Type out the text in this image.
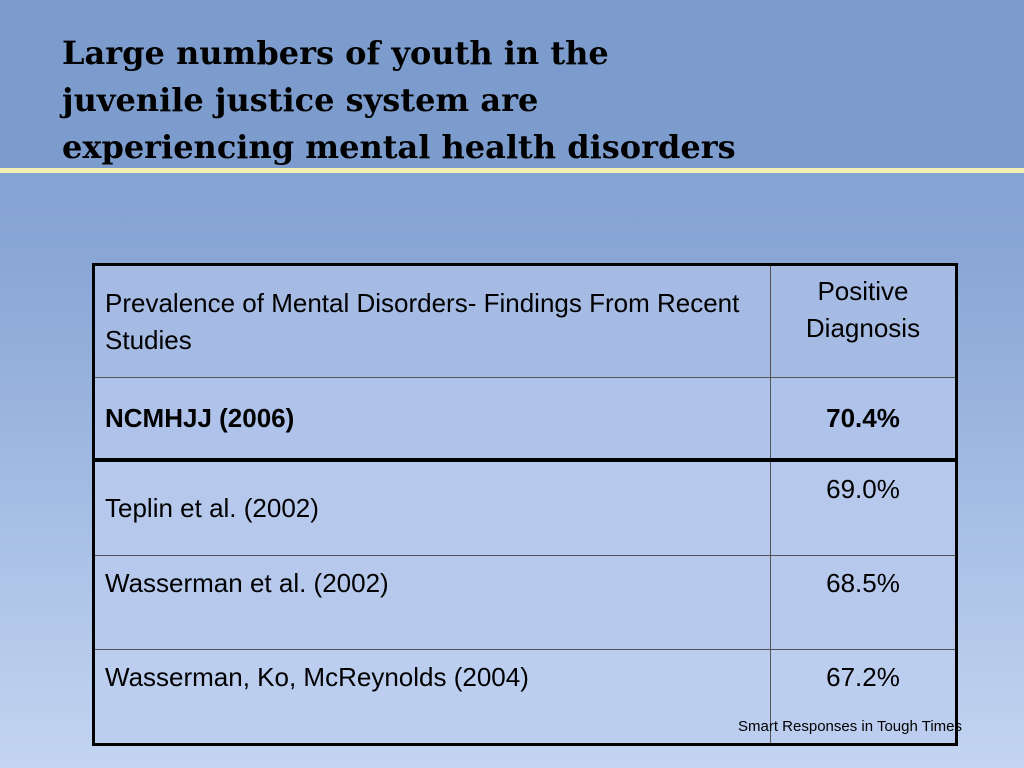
Large numbers of youth in the
juvenile justice system are
experiencing mental health disorders
Prevalence of Mental Disorders- Findings From Recent Studies	Positive Diagnosis
NCMHJJ (2006)	70.4%
Teplin et al. (2002)	69.0%
Wasserman et al. (2002)	68.5%
Wasserman, Ko, McReynolds (2004)	67.2%
Smart Responses in Tough Times
